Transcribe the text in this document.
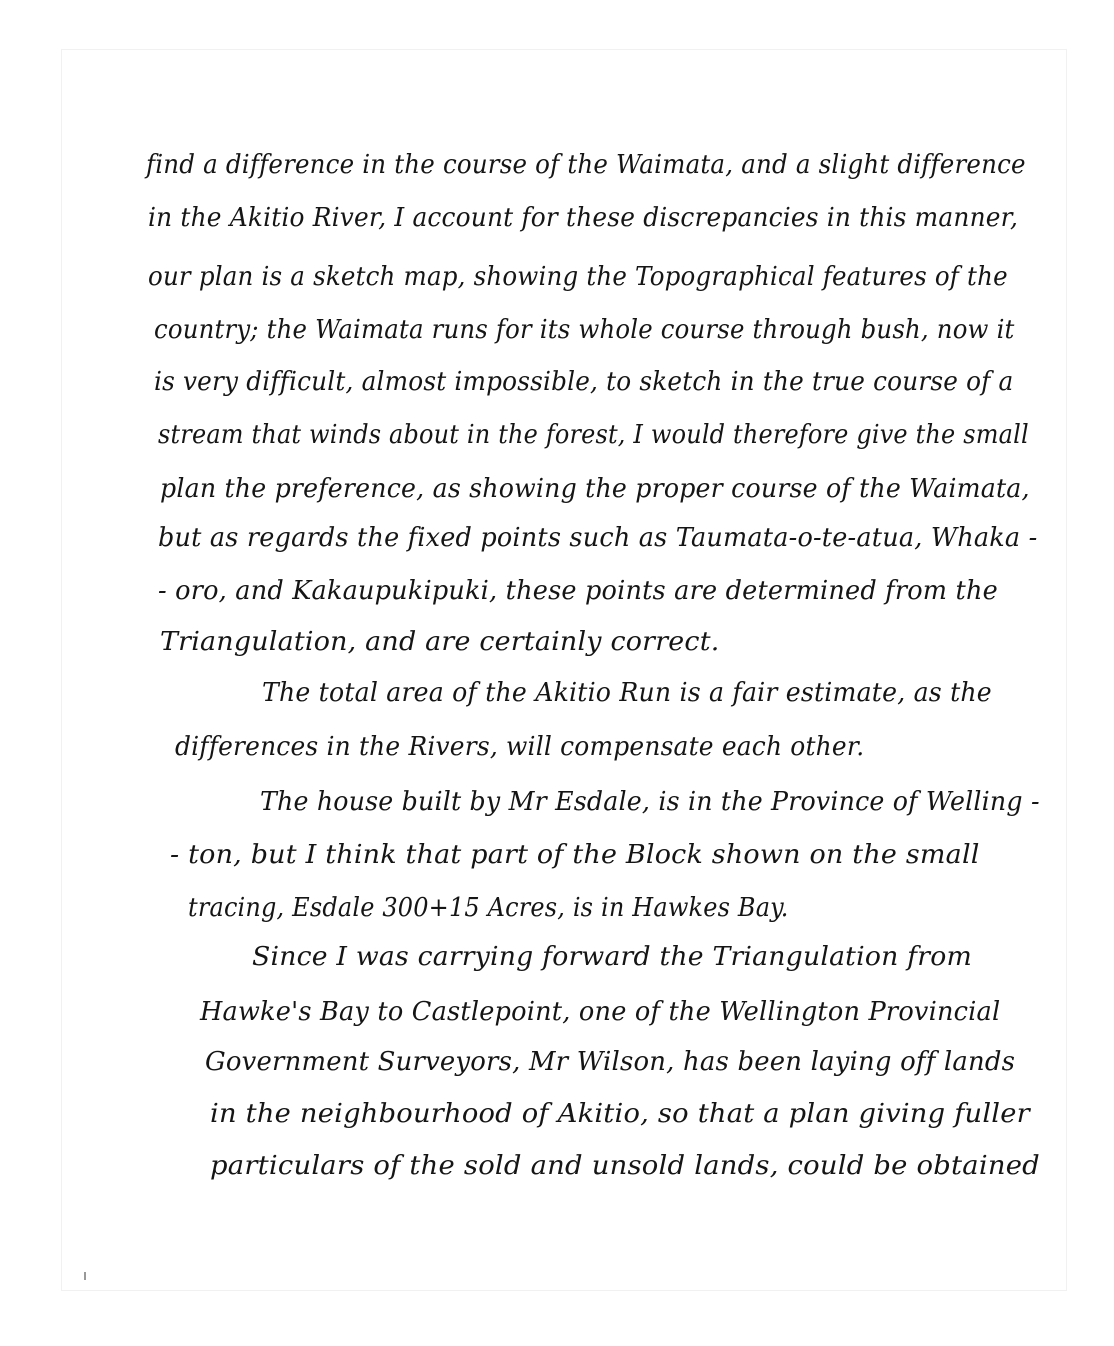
find a difference in the course of the Waimata, and a slight difference
in the Akitio River, I account for these discrepancies in this manner,
our plan is a sketch map, showing the Topographical features of the
country; the Waimata runs for its whole course through bush, now it
is very difficult, almost impossible, to sketch in the true course of a
stream that winds about in the forest, I would therefore give the small
plan the preference, as showing the proper course of the Waimata,
but as regards the fixed points such as Taumata-o-te-atua, Whaka -
- oro, and Kakaupukipuki, these points are determined from the
Triangulation, and are certainly correct.
The total area of the Akitio Run is a fair estimate, as the
differences in the Rivers, will compensate each other.
The house built by Mr Esdale, is in the Province of Welling -
- ton, but I think that part of the Block shown on the small
tracing, Esdale 300+15 Acres, is in Hawkes Bay.
Since I was carrying forward the Triangulation from
Hawke's Bay to Castlepoint, one of the Wellington Provincial
Government Surveyors, Mr Wilson, has been laying off lands
in the neighbourhood of Akitio, so that a plan giving fuller
particulars of the sold and unsold lands, could be obtained
